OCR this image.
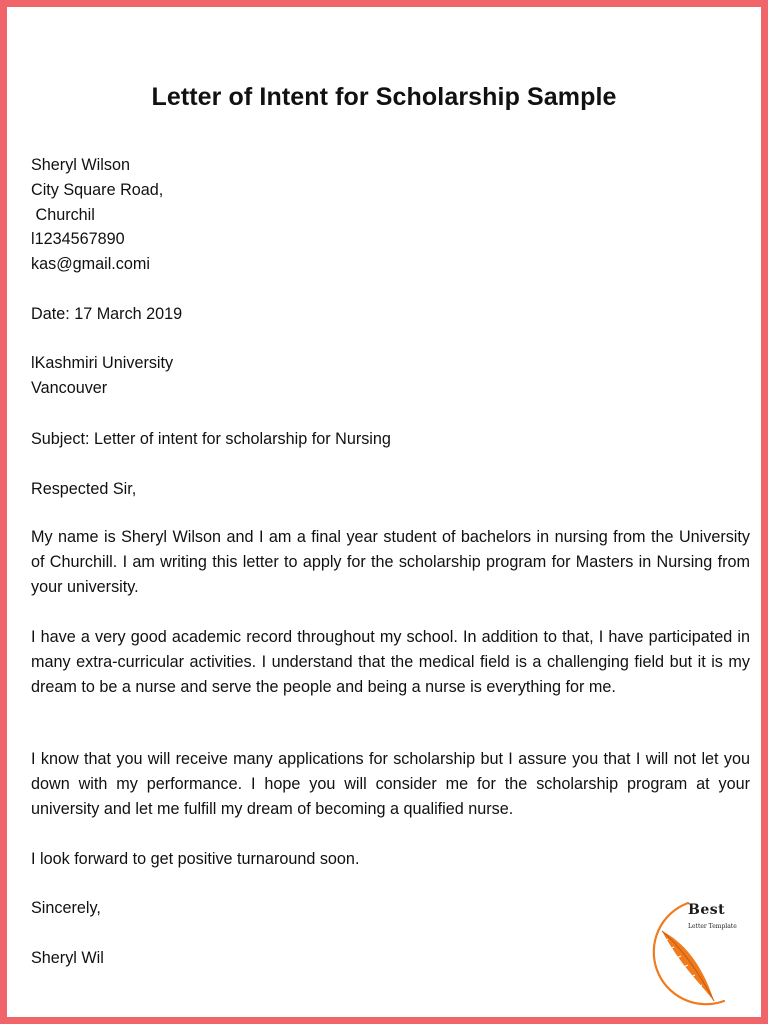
Letter of Intent for Scholarship Sample
Sheryl Wilson
City Square Road,
Churchil
l1234567890
kas@gmail.comi
Date: 17 March 2019
lKashmiri University
Vancouver
Subject: Letter of intent for scholarship for Nursing
Respected Sir,

My name is Sheryl Wilson and I am a final year student of bachelors in nursing from the University of Churchill. I am writing this letter to apply for the scholarship program for Masters in Nursing from your university.

I have a very good academic record throughout my school. In addition to that, I have participated in many extra-curricular activities. I understand that the medical field is a challenging field but it is my dream to be a nurse and serve the people and being a nurse is everything for me.

I know that you will receive many applications for scholarship but I assure you that I will not let you down with my performance. I hope you will consider me for the scholarship program at your university and let me fulfill my dream of becoming a qualified nurse.

I look forward to get positive turnaround soon.

Sincerely,
Sheryl Wil
Best
Letter Template
